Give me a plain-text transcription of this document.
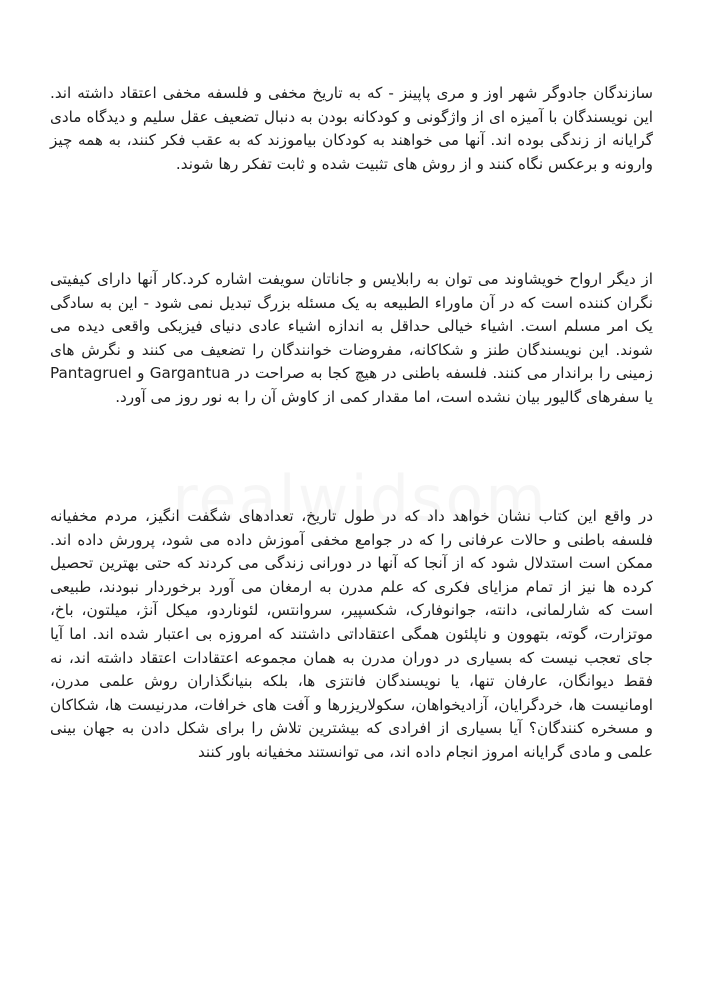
سازندگان جادوگر شهر اوز و مری پاپینز - که به تاریخ مخفی و فلسفه مخفی اعتقاد داشته اند. این نویسندگان با آمیزه ای از واژگونی و کودکانه بودن به دنبال تضعیف عقل سلیم و دیدگاه مادی گرایانه از زندگی بوده اند. آنها می خواهند به کودکان بیاموزند که به عقب فکر کنند، به همه چیز وارونه و برعکس نگاه کنند و از روش های تثبیت شده و ثابت تفکر رها شوند.

از دیگر ارواح خویشاوند می توان به رابلایس و جاناتان سویفت اشاره کرد.کار آنها دارای کیفیتی نگران کننده است که در آن ماوراء الطبیعه به یک مسئله بزرگ تبدیل نمی شود - این به سادگی یک امر مسلم است. اشیاء خیالی حداقل به اندازه اشیاء عادی دنیای فیزیکی واقعی دیده می شوند. این نویسندگان طنز و شکاکانه، مفروضات خوانندگان را تضعیف می کنند و نگرش های زمینی را براندار می کنند. فلسفه باطنی در هیچ کجا به صراحت در Gargantua و Pantagruel یا سفرهای گالیور بیان نشده است، اما مقدار کمی از کاوش آن را به نور روز می آورد.

در واقع این کتاب نشان خواهد داد که در طول تاریخ، تعدادهای شگفت انگیز، مردم مخفیانه فلسفه باطنی و حالات عرفانی را که در جوامع مخفی آموزش داده می شود، پرورش داده اند. ممکن است استدلال شود که از آنجا که آنها در دورانی زندگی می کردند که حتی بهترین تحصیل کرده ها نیز از تمام مزایای فکری که علم مدرن به ارمغان می آورد برخوردار نبودند، طبیعی است که شارلمانی، دانته، جوانوفارک، شکسپیر، سروانتس، لئوناردو، میکل آنژ، میلتون، باخ، موتزارت، گوته، بتهوون و ناپلئون همگی اعتقاداتی داشتند که امروزه بی اعتبار شده اند. اما آیا جای تعجب نیست که بسیاری در دوران مدرن به همان مجموعه اعتقادات اعتقاد داشته اند، نه فقط دیوانگان، عارفان تنها، یا نویسندگان فانتزی ها، بلکه بنیانگذاران روش علمی مدرن، اومانیست ها، خردگرایان، آزادیخواهان، سکولاریزرها و آفت های خرافات، مدرنیست ها، شکاکان و مسخره کنندگان؟ آیا بسیاری از افرادی که بیشترین تلاش را برای شکل دادن به جهان بینی علمی و مادی گرایانه امروز انجام داده اند، می توانستند مخفیانه باور کنند
